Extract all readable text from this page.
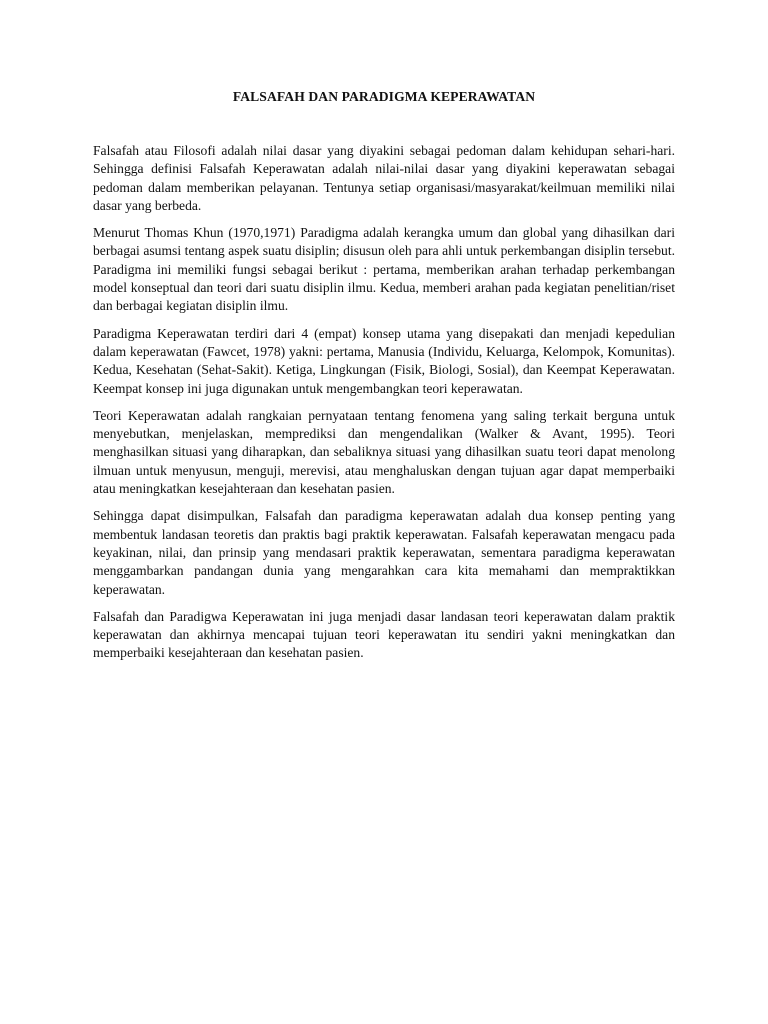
FALSAFAH DAN PARADIGMA KEPERAWATAN

Falsafah atau Filosofi adalah nilai dasar yang diyakini sebagai pedoman dalam kehidupan sehari-hari. Sehingga definisi Falsafah Keperawatan adalah nilai-nilai dasar yang diyakini keperawatan sebagai pedoman dalam memberikan pelayanan. Tentunya setiap organisasi/masyarakat/keilmuan memiliki nilai dasar yang berbeda.

Menurut Thomas Khun (1970,1971) Paradigma adalah kerangka umum dan global yang dihasilkan dari berbagai asumsi tentang aspek suatu disiplin; disusun oleh para ahli untuk perkembangan disiplin tersebut. Paradigma ini memiliki fungsi sebagai berikut : pertama, memberikan arahan terhadap perkembangan model konseptual dan teori dari suatu disiplin ilmu. Kedua, memberi arahan pada kegiatan penelitian/riset dan berbagai kegiatan disiplin ilmu.

Paradigma Keperawatan terdiri dari 4 (empat) konsep utama yang disepakati dan menjadi kepedulian dalam keperawatan (Fawcet, 1978) yakni: pertama, Manusia (Individu, Keluarga, Kelompok, Komunitas). Kedua, Kesehatan (Sehat-Sakit). Ketiga, Lingkungan (Fisik, Biologi, Sosial), dan Keempat Keperawatan. Keempat konsep ini juga digunakan untuk mengembangkan teori keperawatan.

Teori Keperawatan adalah rangkaian pernyataan tentang fenomena yang saling terkait berguna untuk menyebutkan, menjelaskan, memprediksi dan mengendalikan (Walker & Avant, 1995). Teori menghasilkan situasi yang diharapkan, dan sebaliknya situasi yang dihasilkan suatu teori dapat menolong ilmuan untuk menyusun, menguji, merevisi, atau menghaluskan dengan tujuan agar dapat memperbaiki atau meningkatkan kesejahteraan dan kesehatan pasien.

Sehingga dapat disimpulkan, Falsafah dan paradigma keperawatan adalah dua konsep penting yang membentuk landasan teoretis dan praktis bagi praktik keperawatan. Falsafah keperawatan mengacu pada keyakinan, nilai, dan prinsip yang mendasari praktik keperawatan, sementara paradigma keperawatan menggambarkan pandangan dunia yang mengarahkan cara kita memahami dan mempraktikkan keperawatan.

Falsafah dan Paradigwa Keperawatan ini juga menjadi dasar landasan teori keperawatan dalam praktik keperawatan dan akhirnya mencapai tujuan teori keperawatan itu sendiri yakni meningkatkan dan memperbaiki kesejahteraan dan kesehatan pasien.
